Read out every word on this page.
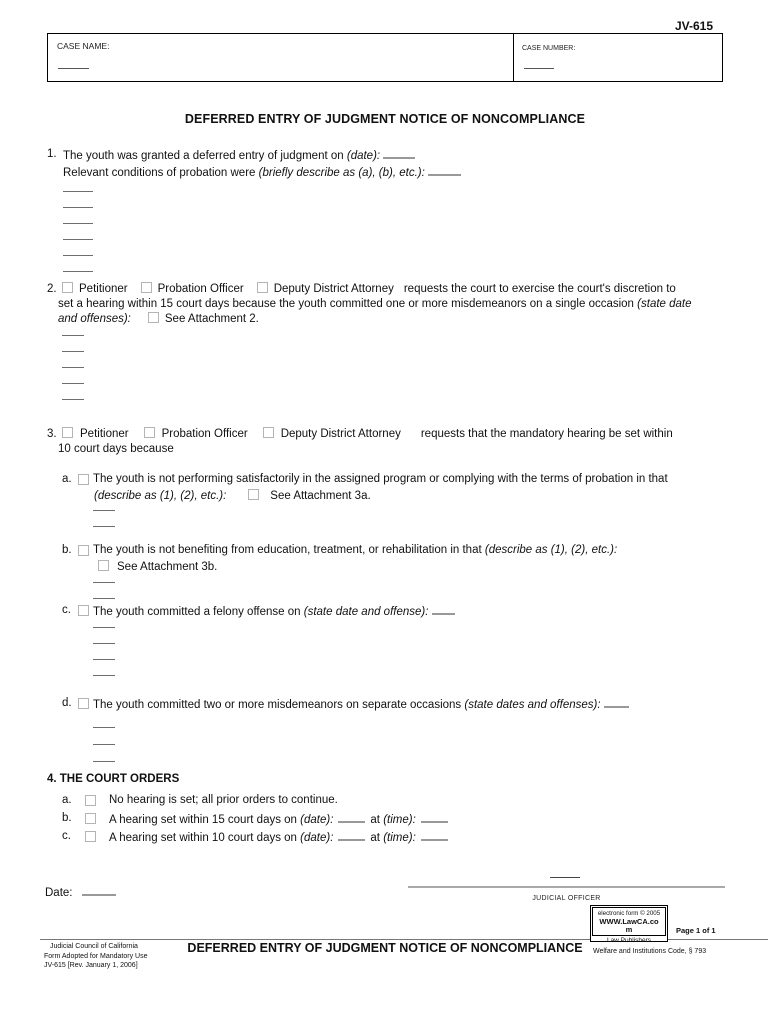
JV-615
CASE NAME:	CASE NUMBER:
DEFERRED ENTRY OF JUDGMENT NOTICE OF NONCOMPLIANCE
1. The youth was granted a deferred entry of judgment on (date):
Relevant conditions of probation were (briefly describe as (a), (b), etc.):
2.	Petitioner	Probation Officer	Deputy District Attorney requests the court to exercise the court's discretion to
set a hearing within 15 court days because the youth committed one or more misdemeanors on a single occasion (state date
and offenses):	See Attachment 2.
3.	Petitioner	Probation Officer	Deputy District Attorney requests that the mandatory hearing be set within
10 court days because
a.	The youth is not performing satisfactorily in the assigned program or complying with the terms of probation in that
(describe as (1), (2), etc.):	See Attachment 3a.
b.	The youth is not benefiting from education, treatment, or rehabilitation in that (describe as (1), (2), etc.):
See Attachment 3b.
c.	The youth committed a felony offense on (state date and offense):
d.	The youth committed two or more misdemeanors on separate occasions (state dates and offenses):
4. THE COURT ORDERS
a.	No hearing is set; all prior orders to continue.
b.	A hearing set within 15 court days on (date):	at (time):
c.	A hearing set within 10 court days on (date):	at (time):
Date:	JUDICIAL OFFICER
electronic form © 2005
WWW.LawCA.com
Law Publishers
Page 1 of 1
Judicial Council of California
Form Adopted for Mandatory Use
JV-615 [Rev. January 1, 2006]
DEFERRED ENTRY OF JUDGMENT NOTICE OF NONCOMPLIANCE	Welfare and Institutions Code, § 793
